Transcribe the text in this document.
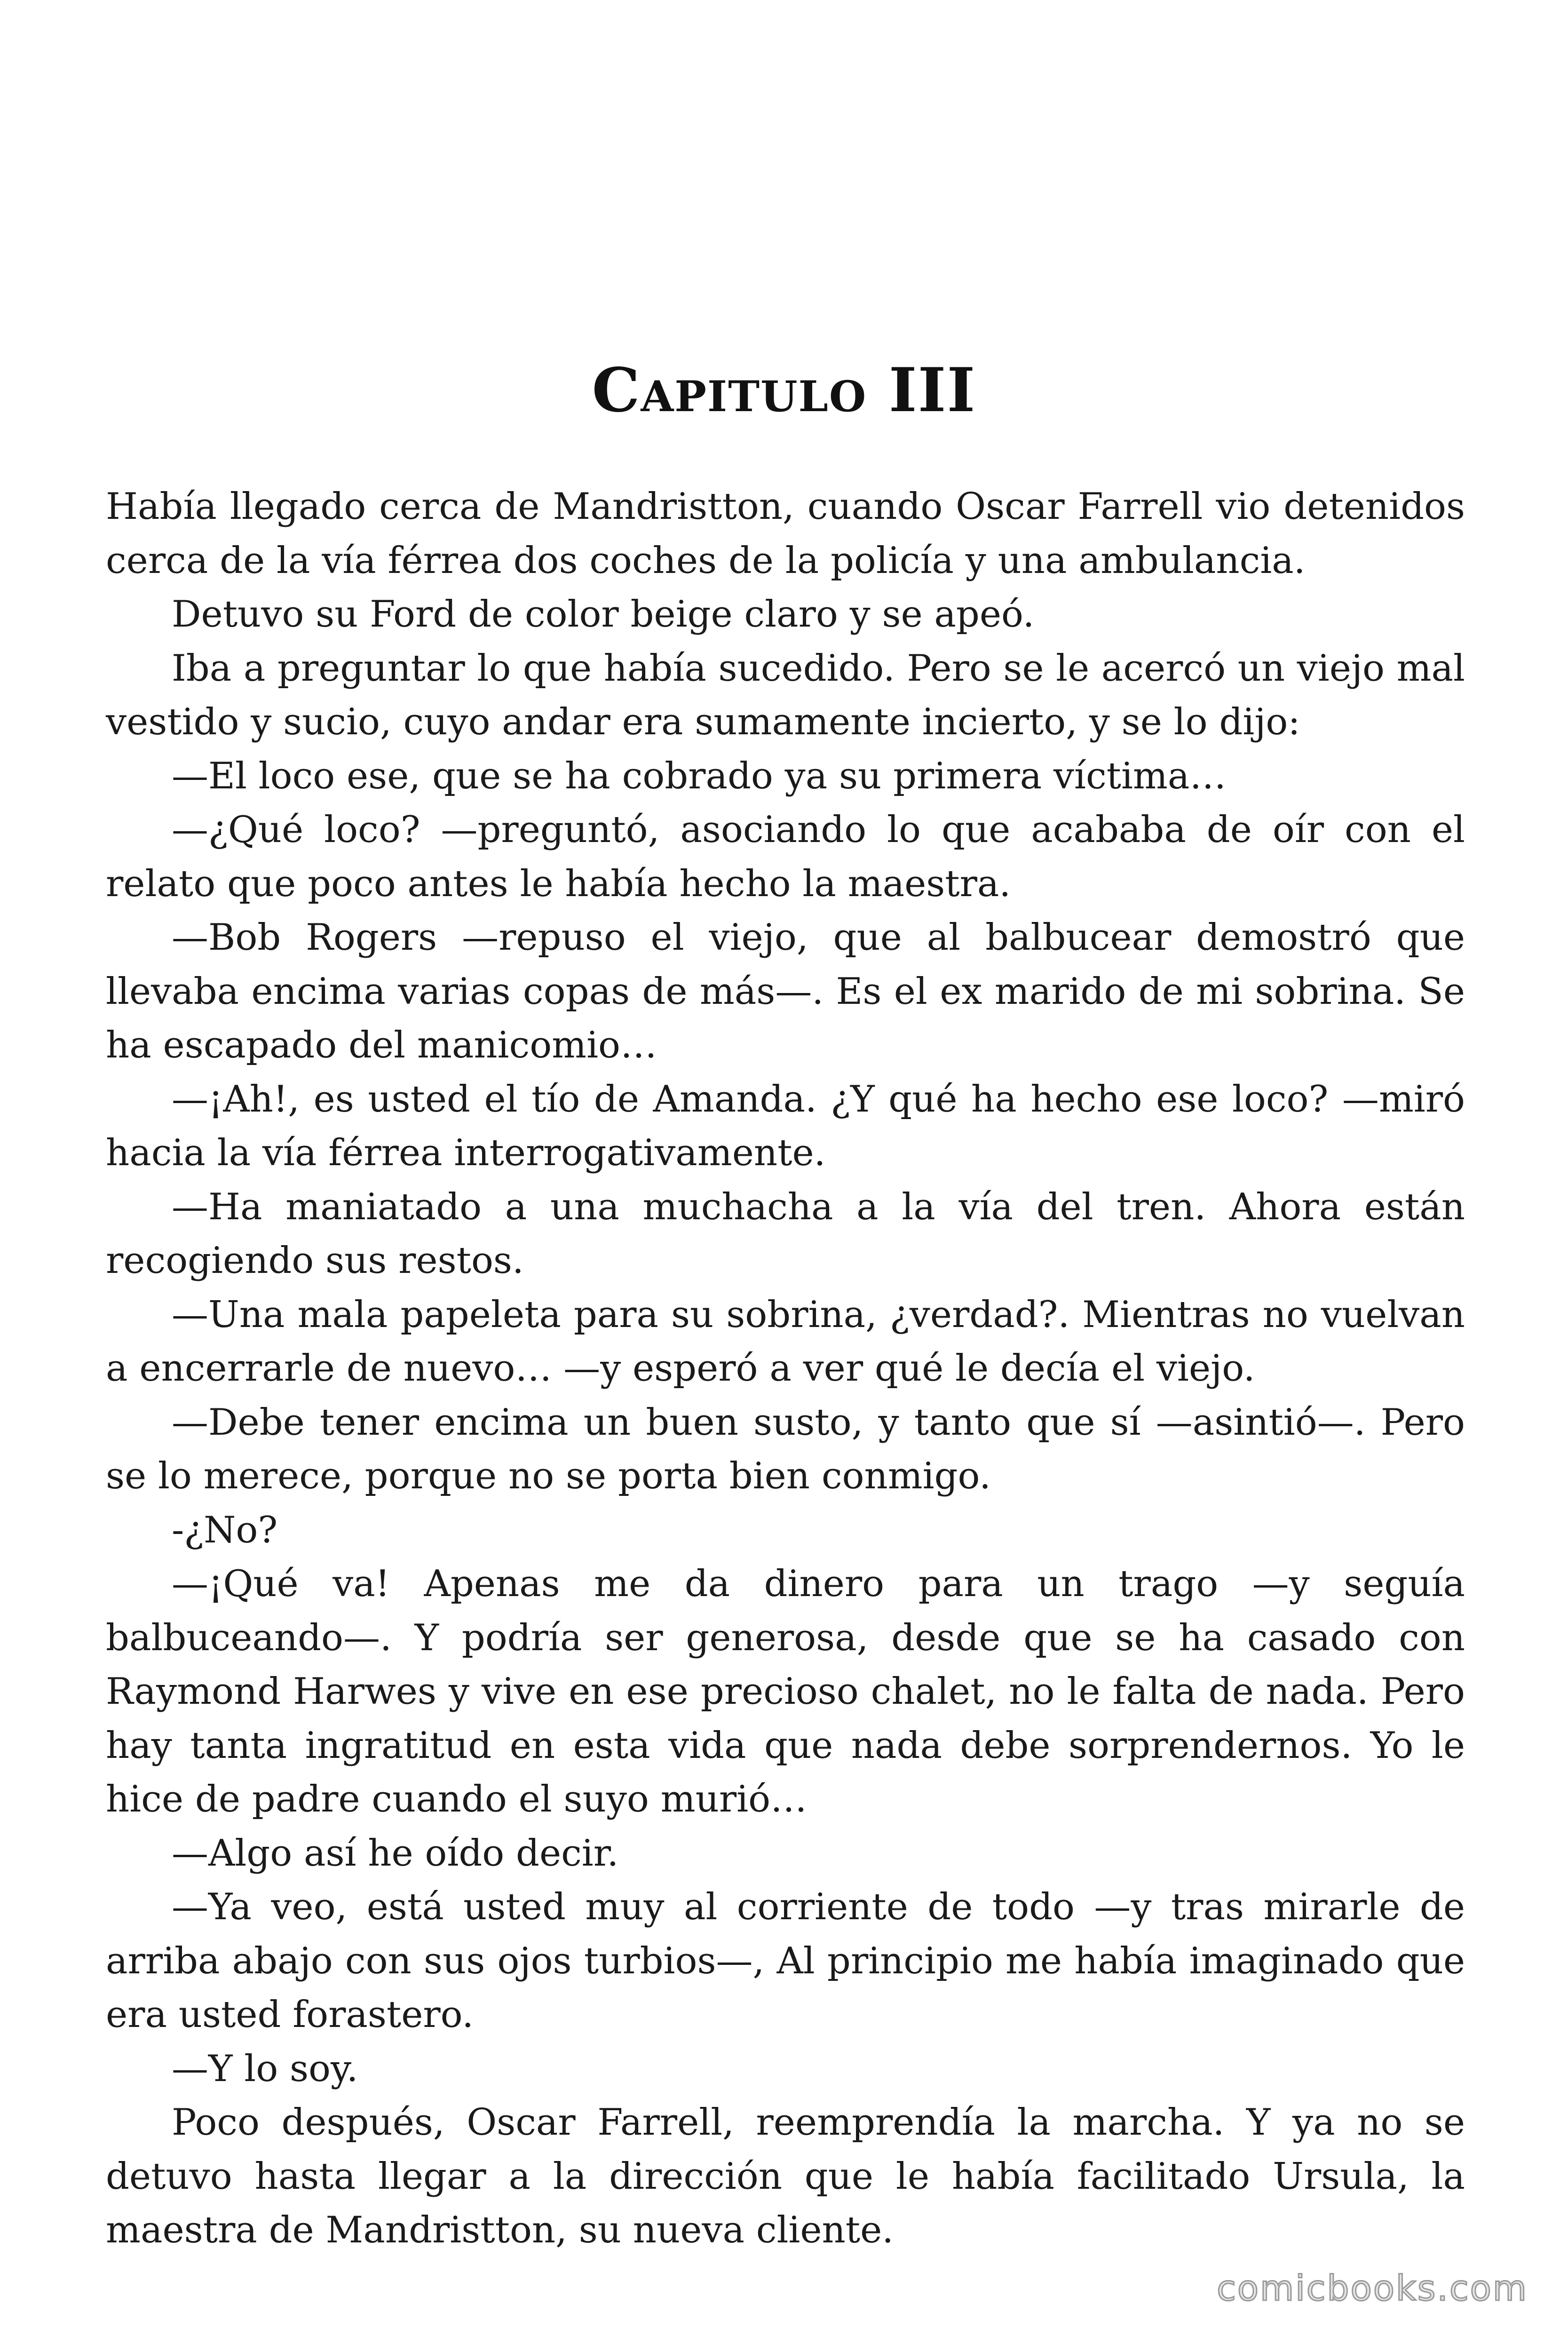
Capitulo III

Había llegado cerca de Mandristton, cuando Oscar Farrell vio detenidos cerca de la vía férrea dos coches de la policía y una ambulancia.

Detuvo su Ford de color beige claro y se apeó.

Iba a preguntar lo que había sucedido. Pero se le acercó un viejo mal vestido y sucio, cuyo andar era sumamente incierto, y se lo dijo:

—El loco ese, que se ha cobrado ya su primera víctima…

—¿Qué loco? —preguntó, asociando lo que acababa de oír con el relato que poco antes le había hecho la maestra.

—Bob Rogers —repuso el viejo, que al balbucear demostró que llevaba encima varias copas de más—. Es el ex marido de mi sobrina. Se ha escapado del manicomio…

—¡Ah!, es usted el tío de Amanda. ¿Y qué ha hecho ese loco? —miró hacia la vía férrea interrogativamente.

—Ha maniatado a una muchacha a la vía del tren. Ahora están recogiendo sus restos.

—Una mala papeleta para su sobrina, ¿verdad?. Mientras no vuelvan a encerrarle de nuevo… —y esperó a ver qué le decía el viejo.

—Debe tener encima un buen susto, y tanto que sí —asintió—. Pero se lo merece, porque no se porta bien conmigo.

-¿No?

—¡Qué va! Apenas me da dinero para un trago —y seguía balbuceando—. Y podría ser generosa, desde que se ha casado con Raymond Harwes y vive en ese precioso chalet, no le falta de nada. Pero hay tanta ingratitud en esta vida que nada debe sorprendernos. Yo le hice de padre cuando el suyo murió…

—Algo así he oído decir.

—Ya veo, está usted muy al corriente de todo —y tras mirarle de arriba abajo con sus ojos turbios—, Al principio me había imaginado que era usted forastero.

—Y lo soy.

Poco después, Oscar Farrell, reemprendía la marcha. Y ya no se detuvo hasta llegar a la dirección que le había facilitado Ursula, la maestra de Mandristton, su nueva cliente.

comicbooks.com
